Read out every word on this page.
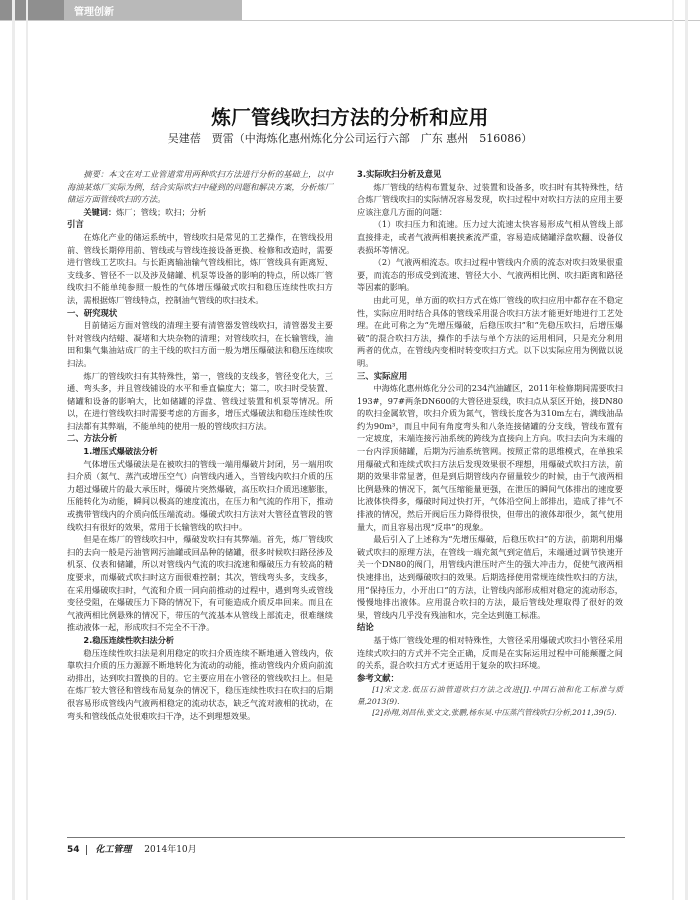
管理创新
炼厂管线吹扫方法的分析和应用
吴建蓓　贾雷（中海炼化惠州炼化分公司运行六部　广东 惠州　516086）

摘要：本文在对工业管道常用两种吹扫方法进行分析的基础上，以中海油某炼厂实际为例，结合实际吹扫中碰到的问题和解决方案，分析炼厂储运方面管线吹扫的方法。

关键词：炼厂；管线；吹扫；分析

引言

在炼化产业的储运系统中，管线吹扫是常见的工艺操作，在管线投用前、管线长期停用前、管线或与管线连接设备更换、检修和改造时，需要进行管线工艺吹扫。与长距离输油输气管线相比，炼厂管线具有距离短、支线多、管径不一以及涉及储罐、机泵等设备的影响的特点，所以炼厂管线吹扫不能单纯参照一般性的气体增压爆破式吹扫和稳压连续性吹扫方法，需根据炼厂管线特点，控制油气管线的吹扫技术。

一、研究现状

目前储运方面对管线的清理主要有清管器发管线吹扫，清管器发主要针对管线内结蜡、凝堵和大块杂物的清理；对管线吹扫，在长输管线，油田和集气集油站成厂的主干线的吹扫方面一般为增压爆破法和稳压连续吹扫法。

炼厂的管线吹扫有其特殊性，第一，管线的支线多，管径变化大，三通、弯头多，并且管线铺设的水平和垂直偏度大；第二，吹扫时受装置、储罐和设备的影响大，比如储罐的浮盘、管线过装置和机泵等情况。所以，在进行管线吹扫时需要考虑的方面多，增压式爆破法和稳压连续性吹扫法都有其弊端，不能单纯的使用一般的管线吹扫方法。

二、方法分析

1.增压式爆破法分析

气体增压式爆破法是在被吹扫的管线一端用爆破片封闭，另一端用吹扫介质（氮气、蒸汽或增压空气）向管线内通入，当管线内吹扫介质的压力超过爆破片的最大承压时，爆破片突然爆破，高压吹扫介质迅速膨胀，压能转化为动能，瞬间以极高的速度流出，在压力和气流的作用下，推动或携带管线内的介质向低压端流动。爆破式吹扫方法对大管径直管段的管线吹扫有很好的效果，常用于长输管线的吹扫中。

但是在炼厂的管线吹扫中，爆破发吹扫有其弊端。首先，炼厂管线吹扫的去向一般是污油管网污油罐或回品种的储罐，很多时候吹扫路径涉及机泵、仪表和储罐，所以对管线内气流的吹扫流速和爆破压力有较高的精度要求，而爆破式吹扫时这方面很难控制；其次，管线弯头多，支线多，在采用爆破吹扫时，气流和介质一同向前推动的过程中，遇到弯头或管线变径受阻，在爆破压力下降的情况下，有可能造成介质反串回来。而且在气液两相比例悬殊的情况下，带压的气流基本从管线上部流走，很难继续推动液体一起，形成吹扫不完全不干净。

2.稳压连续性吹扫法分析

稳压连续性吹扫法是利用稳定的吹扫介质连续不断地通入管线内，依靠吹扫介质的压力源源不断地转化为流动的动能，推动管线内介质向前流动排出，达到吹扫置换的目的。它主要应用在小管径的管线吹扫上。但是在炼厂较大管径和管线布局复杂的情况下，稳压连续性吹扫在吹扫的后期很容易形成管线内气液两相稳定的流动状态，缺乏气流对液相的扰动，在弯头和管线低点处很难吹扫干净，达不到理想效果。

3.实际吹扫分析及意见

炼厂管线的结构布置复杂、过装置和设备多，吹扫时有其特殊性，结合炼厂管线吹扫的实际情况容易发现，吹扫过程中对吹扫方法的应用主要应该注意几方面的问题：

（1）吹扫压力和流速。压力过大流速太快容易形成气相从管线上部直接排走，或者气液两相裹挟紊流严重，容易造成储罐浮盘吹翻、设备仪表损坏等情况。

（2）气液两相流态。吹扫过程中管线内介质的流态对吹扫效果很重要，而流态的形成受到流速、管径大小、气液两相比例、吹扫距离和路径等因素的影响。

由此可见，单方面的吹扫方式在炼厂管线的吹扫应用中都存在不稳定性，实际应用时结合具体的管线采用混合吹扫方法才能更好地进行工艺处理。在此可称之为“先增压爆破，后稳压吹扫”和“先稳压吹扫，后增压爆破”的混合吹扫方法，操作的手法与单个方法的运用相同，只是充分利用两者的优点，在管线内变相时转变吹扫方式。以下以实际应用为例做以说明。

三、实际应用

中海炼化惠州炼化分公司的234汽油罐区，2011年检修期间需要吹扫193#，97#两条DN600的大管径进泵线，吹扫点从泵区开始，接DN80的吹扫金属软管，吹扫介质为氮气，管线长度各为310m左右，满线油品约为90m³，而且中间有角度弯头和八条连接储罐的分支线，管线布置有一定坡度，末端连接污油系统的跨线为直接向上方向。吹扫去向为末端的一台内浮顶储罐，后期为污油系统管网。按照正常的思维模式，在单独采用爆破式和连续式吹扫方法后发现效果很不理想，用爆破式吹扫方法，前期的效果非常显著，但是到后期管线内存留量较少的时候，由于气液两相比例悬殊的情况下，氮气压缩能量更强，在泄压的瞬间气体排出的速度要比液体快得多，爆破时间过快打开，气体沿空间上部排出，造成了排气不排液的情况，然后开阀后压力降得很快，但带出的液体却很少，氮气使用量大，而且容易出现“反串”的现象。

最后引入了上述称为“先增压爆破，后稳压吹扫”的方法，前期利用爆破式吹扫的原理方法，在管线一端充氮气到定值后，末端通过调节快速开关一个DN80的阀门，用管线内泄压时产生的强大冲击力，促使气液两相快速排出，达到爆破吹扫的效果。后期选择使用常规连续性吹扫的方法，用“保持压力，小开出口”的方法，让管线内部形成相对稳定的流动形态，慢慢地排出液体。应用混合吹扫的方法，最后管线处理取得了很好的效果，管线内几乎没有残油和水，完全达到施工标准。

结论

基于炼厂管线处理的相对特殊性，大管径采用爆破式吹扫小管径采用连续式吹扫的方式并不完全正确，反而是在实际运用过程中可能颠覆之间的关系，混合吹扫方式才更适用于复杂的吹扫环境。

参考文献：

[1]宋文龙.低压石油管道吹扫方法之改进[J].中国石油和化工标准与质量,2013(9).

[2]孙翔,刘昌伟,张文文,张鹏,杨东昊.中压蒸汽管线吹扫分析,2011,39(5).

54 化工管理 2014年10月
